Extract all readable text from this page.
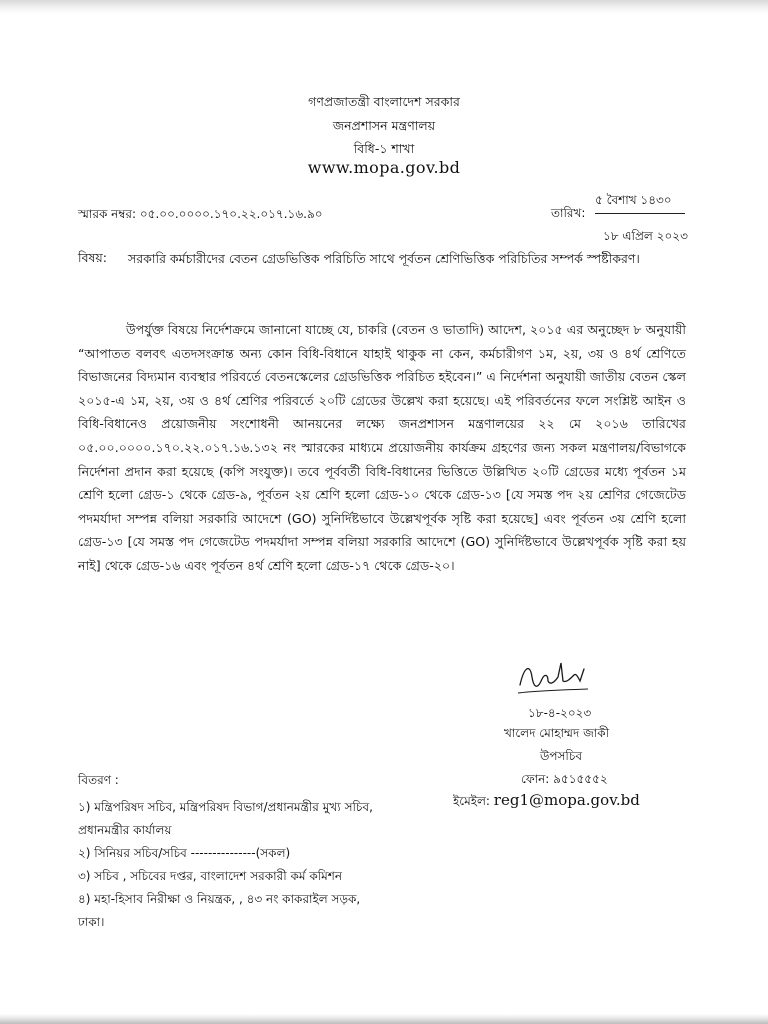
গণপ্রজাতন্ত্রী বাংলাদেশ সরকার
জনপ্রশাসন মন্ত্রণালয়
বিধি-১ শাখা
www.mopa.gov.bd
স্মারক নম্বর: ০৫.০০.০০০০.১৭০.২২.০১৭.১৬.৯০	তারিখ:
৫ বৈশাখ ১৪৩০
১৮ এপ্রিল ২০২৩
বিষয়: সরকারি কর্মচারীদের বেতন গ্রেডভিত্তিক পরিচিতি সাথে পূর্বতন শ্রেণিভিত্তিক পরিচিতির সম্পর্ক স্পষ্টীকরণ।
উপর্যুক্ত বিষয়ে নির্দেশক্রমে জানানো যাচ্ছে যে, চাকরি (বেতন ও ভাতাদি) আদেশ, ২০১৫ এর অনুচ্ছেদ ৮ অনুযায়ী “আপাতত বলবৎ এতদসংক্রান্ত অন্য কোন বিধি-বিধানে যাহাই থাকুক না কেন, কর্মচারীগণ ১ম, ২য়, ৩য় ও ৪র্থ শ্রেণিতে বিভাজনের বিদ্যমান ব্যবস্থার পরিবর্তে বেতনস্কেলের গ্রেডভিত্তিক পরিচিত হইবেন।” এ নির্দেশনা অনুযায়ী জাতীয় বেতন স্কেল ২০১৫-এ ১ম, ২য়, ৩য় ও ৪র্থ শ্রেণির পরিবর্তে ২০টি গ্রেডের উল্লেখ করা হয়েছে। এই পরিবর্তনের ফলে সংশ্লিষ্ট আইন ও বিধি-বিধানেও প্রয়োজনীয় সংশোধনী আনয়নের লক্ষ্যে জনপ্রশাসন মন্ত্রণালয়ের ২২ মে ২০১৬ তারিখের ০৫.০০.০০০০.১৭০.২২.০১৭.১৬.১৩২ নং স্মারকের মাধ্যমে প্রয়োজনীয় কার্যক্রম গ্রহণের জন্য সকল মন্ত্রণালয়/বিভাগকে নির্দেশনা প্রদান করা হয়েছে (কপি সংযুক্ত)। তবে পূর্ববর্তী বিধি-বিধানের ভিত্তিতে উল্লিখিত ২০টি গ্রেডের মধ্যে পূর্বতন ১ম শ্রেণি হলো গ্রেড-১ থেকে গ্রেড-৯, পূর্বতন ২য় শ্রেণি হলো গ্রেড-১০ থেকে গ্রেড-১৩ [যে সমস্ত পদ ২য় শ্রেণির গেজেটেড পদমর্যাদা সম্পন্ন বলিয়া সরকারি আদেশে (GO) সুনির্দিষ্টভাবে উল্লেখপূর্বক সৃষ্টি করা হয়েছে] এবং পূর্বতন ৩য় শ্রেণি হলো গ্রেড-১৩ [যে সমস্ত পদ গেজেটেড পদমর্যাদা সম্পন্ন বলিয়া সরকারি আদেশে (GO) সুনির্দিষ্টভাবে উল্লেখপূর্বক সৃষ্টি করা হয় নাই] থেকে গ্রেড-১৬ এবং পূর্বতন ৪র্থ শ্রেণি হলো গ্রেড-১৭ থেকে গ্রেড-২০।
১৮-৪-২০২৩
খালেদ মোহাম্মদ জাকী
উপসচিব
ফোন: ৯৫১৫৫৫২
ইমেইল: reg1@mopa.gov.bd
বিতরণ :
১) মন্ত্রিপরিষদ সচিব, মন্ত্রিপরিষদ বিভাগ/প্রধানমন্ত্রীর মুখ্য সচিব, প্রধানমন্ত্রীর কার্যালয়
২) সিনিয়র সচিব/সচিব ---------------(সকল)
৩) সচিব , সচিবের দপ্তর, বাংলাদেশ সরকারী কর্ম কমিশন
৪) মহা-হিসাব নিরীক্ষা ও নিয়ন্ত্রক, , ৪৩ নং কাকরাইল সড়ক, ঢাকা।
